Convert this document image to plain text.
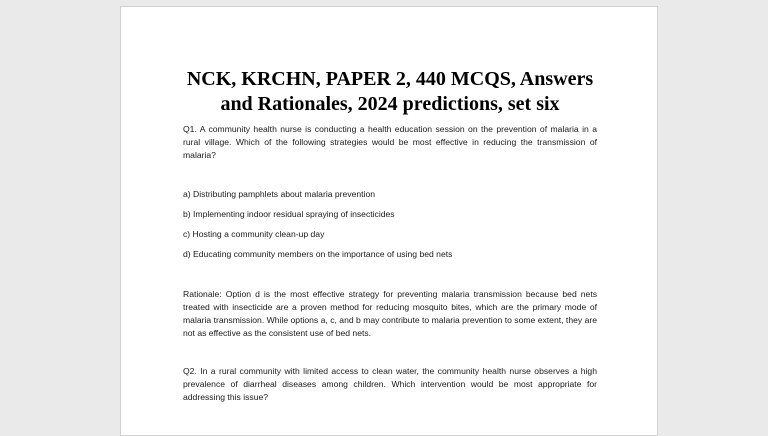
NCK, KRCHN, PAPER 2, 440 MCQS, Answers
and Rationales, 2024 predictions, set six
Q1. A community health nurse is conducting a health education session on the prevention of malaria in a rural village. Which of the following strategies would be most effective in reducing the transmission of malaria?
a) Distributing pamphlets about malaria prevention
b) Implementing indoor residual spraying of insecticides
c) Hosting a community clean-up day
d) Educating community members on the importance of using bed nets
Rationale: Option d is the most effective strategy for preventing malaria transmission because bed nets treated with insecticide are a proven method for reducing mosquito bites, which are the primary mode of malaria transmission. While options a, c, and b may contribute to malaria prevention to some extent, they are not as effective as the consistent use of bed nets.
Q2. In a rural community with limited access to clean water, the community health nurse observes a high prevalence of diarrheal diseases among children. Which intervention would be most appropriate for addressing this issue?
